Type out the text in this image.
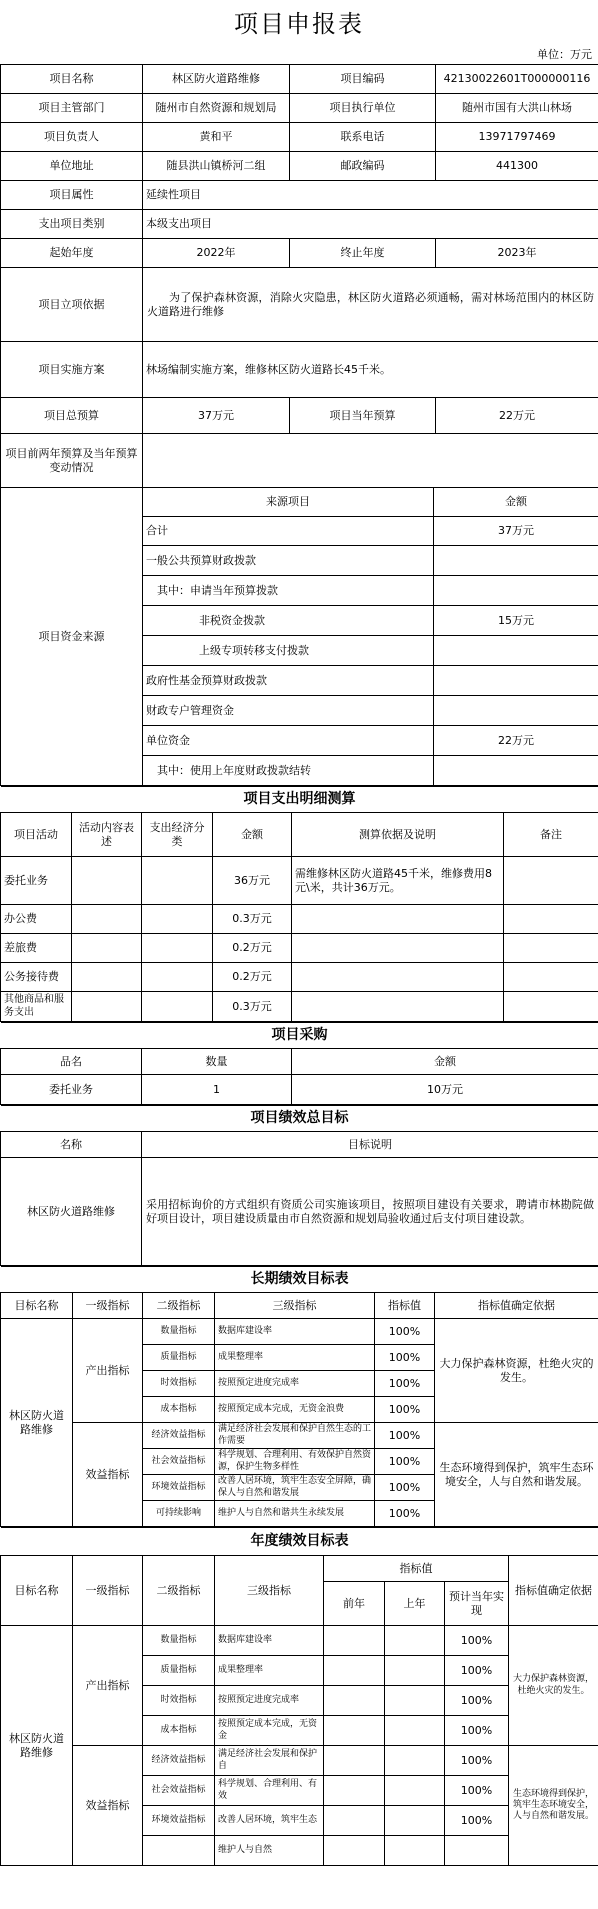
项目申报表
单位：万元
项目名称	林区防火道路维修	项目编码	42130022601T000000116
项目主管部门	随州市自然资源和规划局	项目执行单位	随州市国有大洪山林场
项目负责人	黄和平	联系电话	13971797469
单位地址	随县洪山镇桥河二组	邮政编码	441300
项目属性	延续性项目		
支出项目类别	本级支出项目		
起始年度	2022年	终止年度	2023年
项目立项依据	为了保护森林资源，消除火灾隐患，林区防火道路必须通畅，需对林场范围内的林区防火道路进行维修		
项目实施方案	林场编制实施方案，维修林区防火道路长45千米。		
项目总预算	37万元	项目当年预算	22万元
项目前两年预算及当年预算变动情况			
项目资金来源	来源项目	金额
	合计	37万元
	一般公共预算财政拨款	
	其中：申请当年预算拨款	
	非税资金拨款	15万元
	上级专项转移支付拨款	
	政府性基金预算财政拨款	
	财政专户管理资金	
	单位资金	22万元
	其中：使用上年度财政拨款结转	
项目支出明细测算					
项目活动	活动内容表述	支出经济分类	金额	测算依据及说明	备注
委托业务			36万元	需维修林区防火道路45千米，维修费用8元\米，共计36万元。	
办公费			0.3万元		
差旅费			0.2万元		
公务接待费			0.2万元		
其他商品和服务支出			0.3万元		
项目采购		
品名	数量	金额
委托业务	1	10万元
项目绩效总目标	
名称	目标说明
林区防火道路维修	采用招标询价的方式组织有资质公司实施该项目，按照项目建设有关要求，聘请市林勘院做好项目设计，项目建设质量由市自然资源和规划局验收通过后支付项目建设款。
长期绩效目标表					
目标名称	一级指标	二级指标	三级指标	指标值	指标值确定依据
林区防火道路维修	产出指标	数量指标	数据库建设率	100%	大力保护森林资源，杜绝火灾的发生。
		质量指标	成果整理率	100%	
		时效指标	按照预定进度完成率	100%	
		成本指标	按照预定成本完成，无资金浪费	100%	
	效益指标	经济效益指标	满足经济社会发展和保护自然生态的工作需要	100%	生态环境得到保护，筑牢生态环境安全，人与自然和谐发展。
		社会效益指标	科学规划、合理利用、有效保护自然资源，保护生物多样性	100%	
		环境效益指标	改善人居环境，筑牢生态安全屏障，确保人与自然和谐发展	100%	
		可持续影响	维护人与自然和谐共生永续发展	100%	
年度绩效目标表							
目标名称	一级指标	二级指标	三级指标	指标值			指标值确定依据
				前年	上年	预计当年实现	
林区防火道路维修	产出指标	数量指标	数据库建设率			100%	大力保护森林资源，杜绝火灾的发生。
		质量指标	成果整理率			100%	
		时效指标	按照预定进度完成率			100%	
		成本指标	按照预定成本完成，无资金			100%	
	效益指标	经济效益指标	满足经济社会发展和保护自			100%	生态环境得到保护，筑牢生态环境安全，人与自然和谐发展。
		社会效益指标	科学规划、合理利用、有效			100%	
		环境效益指标	改善人居环境，筑牢生态			100%	
			维护人与自然				
